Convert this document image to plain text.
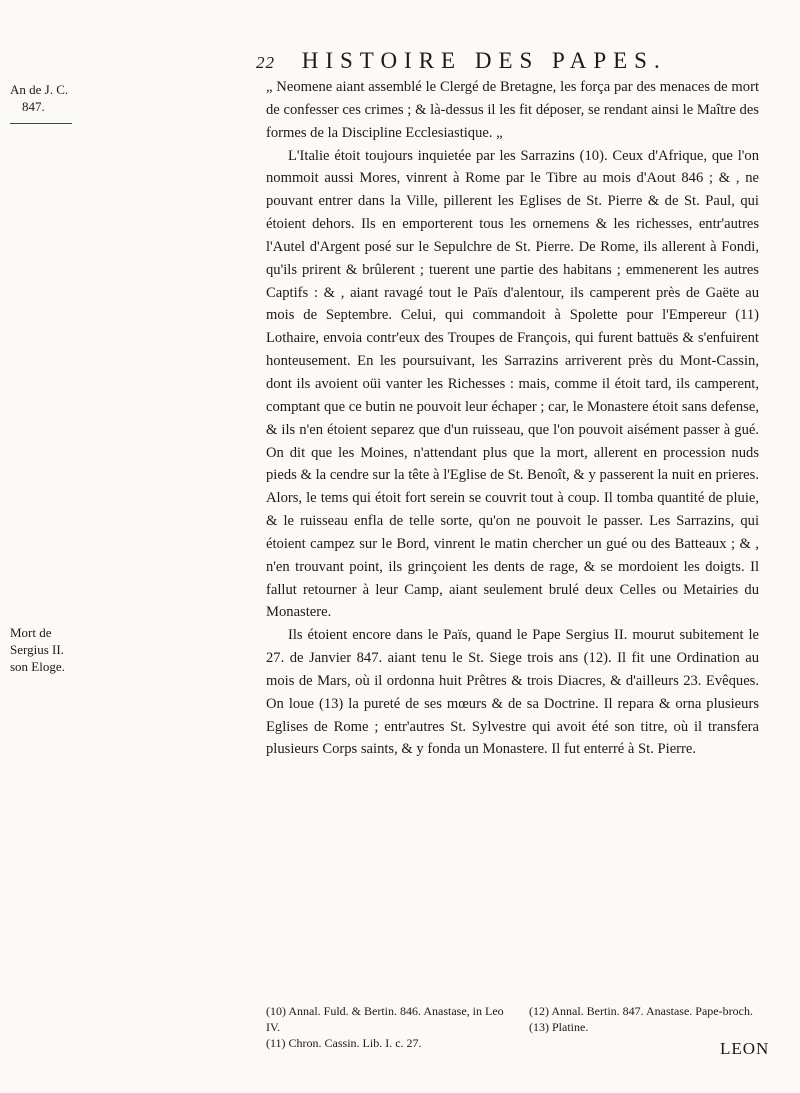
22 HISTOIRE DES PAPES.
An de J. C.
847.
Mort de
Sergius II.
son Eloge.

„ Neomene aiant assemblé le Clergé de Bretagne, les força par des menaces de mort de confesser ces crimes ; & là-dessus il les fit déposer, se rendant ainsi le Maître des formes de la Discipline Ecclesiastique. „

L'Italie étoit toujours inquietée par les Sarrazins (10). Ceux d'Afrique, que l'on nommoit aussi Mores, vinrent à Rome par le Tibre au mois d'Aout 846 ; & , ne pouvant entrer dans la Ville, pillerent les Eglises de St. Pierre & de St. Paul, qui étoient dehors. Ils en emporterent tous les ornemens & les richesses, entr'autres l'Autel d'Argent posé sur le Sepulchre de St. Pierre. De Rome, ils allerent à Fondi, qu'ils prirent & brûlerent ; tuerent une partie des habitans ; emmenerent les autres Captifs : & , aiant ravagé tout le Païs d'alentour, ils camperent près de Gaëte au mois de Septembre. Celui, qui commandoit à Spolette pour l'Empereur (11) Lothaire, envoia contr'eux des Troupes de François, qui furent battuës & s'enfuirent honteusement. En les poursuivant, les Sarrazins arriverent près du Mont-Cassin, dont ils avoient oüi vanter les Richesses : mais, comme il étoit tard, ils camperent, comptant que ce butin ne pouvoit leur échaper ; car, le Monastere étoit sans defense, & ils n'en étoient separez que d'un ruisseau, que l'on pouvoit aisément passer à gué. On dit que les Moines, n'attendant plus que la mort, allerent en procession nuds pieds & la cendre sur la tête à l'Eglise de St. Benoît, & y passerent la nuit en prieres. Alors, le tems qui étoit fort serein se couvrit tout à coup. Il tomba quantité de pluie, & le ruisseau enfla de telle sorte, qu'on ne pouvoit le passer. Les Sarrazins, qui étoient campez sur le Bord, vinrent le matin chercher un gué ou des Batteaux ; & , n'en trouvant point, ils grinçoient les dents de rage, & se mordoient les doigts. Il fallut retourner à leur Camp, aiant seulement brulé deux Celles ou Metairies du Monastere.

Ils étoient encore dans le Païs, quand le Pape Sergius II. mourut subitement le 27. de Janvier 847. aiant tenu le St. Siege trois ans (12). Il fit une Ordination au mois de Mars, où il ordonna huit Prêtres & trois Diacres, & d'ailleurs 23. Evêques. On loue (13) la pureté de ses mœurs & de sa Doctrine. Il repara & orna plusieurs Eglises de Rome ; entr'autres St. Sylvestre qui avoit été son titre, où il transfera plusieurs Corps saints, & y fonda un Monastere. Il fut enterré à St. Pierre.

(10) Annal. Fuld. & Bertin. 846. Anastase, in Leo IV.
(11) Chron. Cassin. Lib. I. c. 27.
(12) Annal. Bertin. 847. Anastase. Pape-broch.
(13) Platine.
LEON
